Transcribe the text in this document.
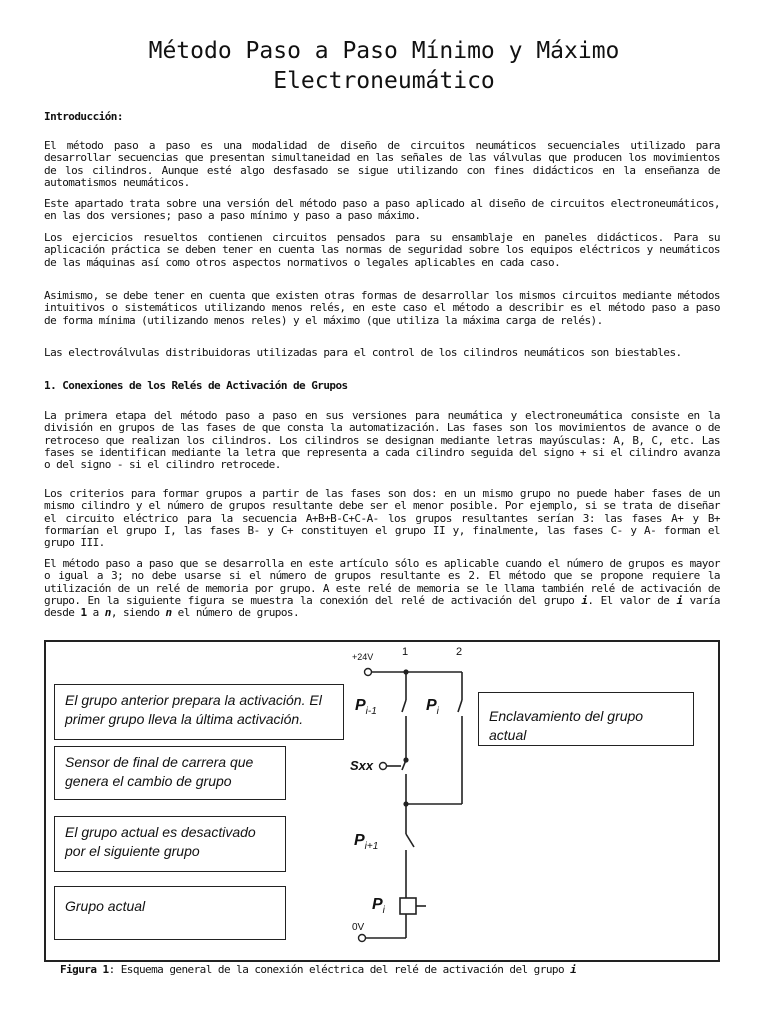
Método Paso a Paso Mínimo y Máximo
Electroneumático

Introducción:

El método paso a paso es una modalidad de diseño de circuitos neumáticos secuenciales utilizado para desarrollar secuencias que presentan simultaneidad en las señales de las válvulas que producen los movimientos de los cilindros. Aunque esté algo desfasado se sigue utilizando con fines didácticos en la enseñanza de automatismos neumáticos.

Este apartado trata sobre una versión del método paso a paso aplicado al diseño de circuitos electroneumáticos, en las dos versiones; paso a paso mínimo y paso a paso máximo.

Los ejercicios resueltos contienen circuitos pensados para su ensamblaje en paneles didácticos. Para su aplicación práctica se deben tener en cuenta las normas de seguridad sobre los equipos eléctricos y neumáticos de las máquinas así como otros aspectos normativos o legales aplicables en cada caso.

Asimismo, se debe tener en cuenta que existen otras formas de desarrollar los mismos circuitos mediante métodos intuitivos o sistemáticos utilizando menos relés, en este caso el método a describir es el método paso a paso de forma mínima (utilizando menos reles) y el máximo (que utiliza la máxima carga de relés).

Las electroválvulas distribuidoras utilizadas para el control de los cilindros neumáticos son biestables.

1. Conexiones de los Relés de Activación de Grupos

La primera etapa del método paso a paso en sus versiones para neumática y electroneumática consiste en la división en grupos de las fases de que consta la automatización. Las fases son los movimientos de avance o de retroceso que realizan los cilindros. Los cilindros se designan mediante letras mayúsculas: A, B, C, etc. Las fases se identifican mediante la letra que representa a cada cilindro seguida del signo + si el cilindro avanza o del signo - si el cilindro retrocede.

Los criterios para formar grupos a partir de las fases son dos: en un mismo grupo no puede haber fases de un mismo cilindro y el número de grupos resultante debe ser el menor posible. Por ejemplo, si se trata de diseñar el circuito eléctrico para la secuencia A+B+B-C+C-A- los grupos resultantes serían 3: las fases A+ y B+ formarían el grupo I, las fases B- y C+ constituyen el grupo II y, finalmente, las fases C- y A- forman el grupo III.

El método paso a paso que se desarrolla en este artículo sólo es aplicable cuando el número de grupos es mayor o igual a 3; no debe usarse si el número de grupos resultante es 2. El método que se propone requiere la utilización de un relé de memoria por grupo. A este relé de memoria se le llama también relé de activación de grupo. En la siguiente figura se muestra la conexión del relé de activación del grupo i. El valor de i varía desde 1 a n, siendo n el número de grupos.

+24V	1	2
0V
$P_{i-1}$	$P_i$
Sxx
$P_{i+1}$
$P_i$
El grupo anterior prepara la activación. El primer grupo lleva la última activación.
Sensor de final de carrera que genera el cambio de grupo
El grupo actual es desactivado por el siguiente grupo
Grupo actual
Enclavamiento del grupo actual

Figura 1: Esquema general de la conexión eléctrica del relé de activación del grupo i
